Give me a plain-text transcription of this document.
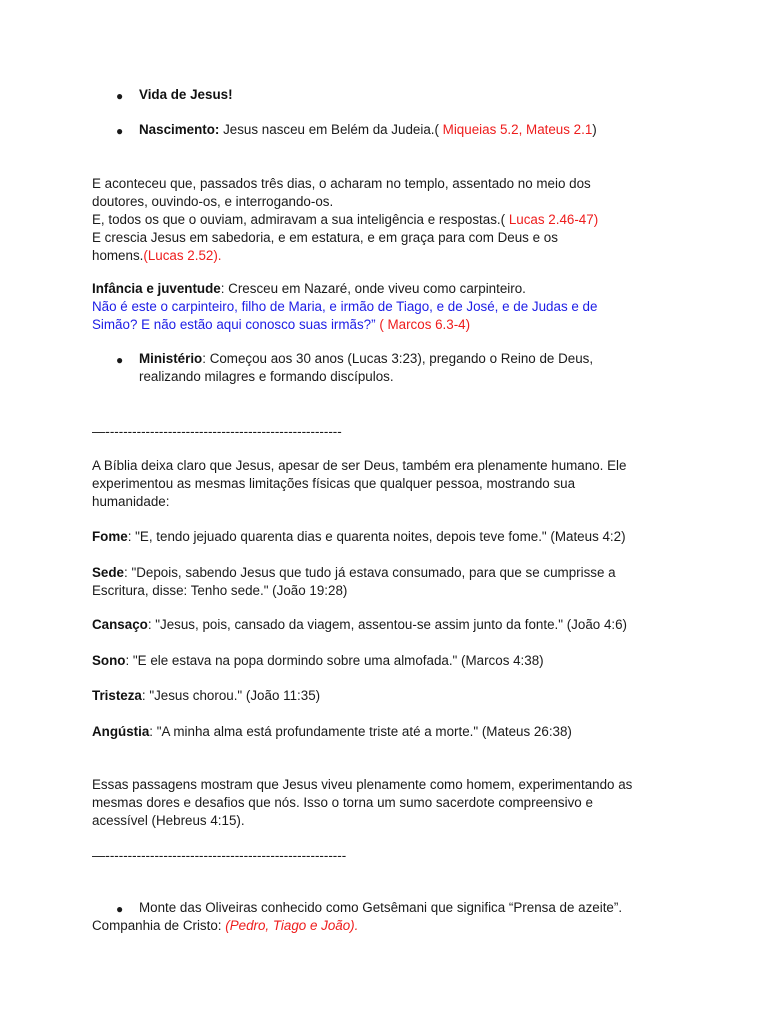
● Vida de Jesus!
● Nascimento: Jesus nasceu em Belém da Judeia.( Miqueias 5.2, Mateus 2.1)
E aconteceu que, passados três dias, o acharam no templo, assentado no meio dos
doutores, ouvindo-os, e interrogando-os.
E, todos os que o ouviam, admiravam a sua inteligência e respostas.( Lucas 2.46-47)
E crescia Jesus em sabedoria, e em estatura, e em graça para com Deus e os
homens.(Lucas 2.52).
Infância e juventude: Cresceu em Nazaré, onde viveu como carpinteiro.
Não é este o carpinteiro, filho de Maria, e irmão de Tiago, e de José, e de Judas e de
Simão? E não estão aqui conosco suas irmãs?” ( Marcos 6.3-4)
● Ministério: Começou aos 30 anos (Lucas 3:23), pregando o Reino de Deus,
realizando milagres e formando discípulos.
—-----------------------------------------------------
A Bíblia deixa claro que Jesus, apesar de ser Deus, também era plenamente humano. Ele
experimentou as mesmas limitações físicas que qualquer pessoa, mostrando sua
humanidade:
Fome: "E, tendo jejuado quarenta dias e quarenta noites, depois teve fome." (Mateus 4:2)
Sede: "Depois, sabendo Jesus que tudo já estava consumado, para que se cumprisse a
Escritura, disse: Tenho sede." (João 19:28)
Cansaço: "Jesus, pois, cansado da viagem, assentou-se assim junto da fonte." (João 4:6)
Sono: "E ele estava na popa dormindo sobre uma almofada." (Marcos 4:38)
Tristeza: "Jesus chorou." (João 11:35)
Angústia: "A minha alma está profundamente triste até a morte." (Mateus 26:38)
Essas passagens mostram que Jesus viveu plenamente como homem, experimentando as
mesmas dores e desafios que nós. Isso o torna um sumo sacerdote compreensivo e
acessível (Hebreus 4:15).
—------------------------------------------------------
● Monte das Oliveiras conhecido como Getsêmani que significa “Prensa de azeite”.
Companhia de Cristo: (Pedro, Tiago e João).
